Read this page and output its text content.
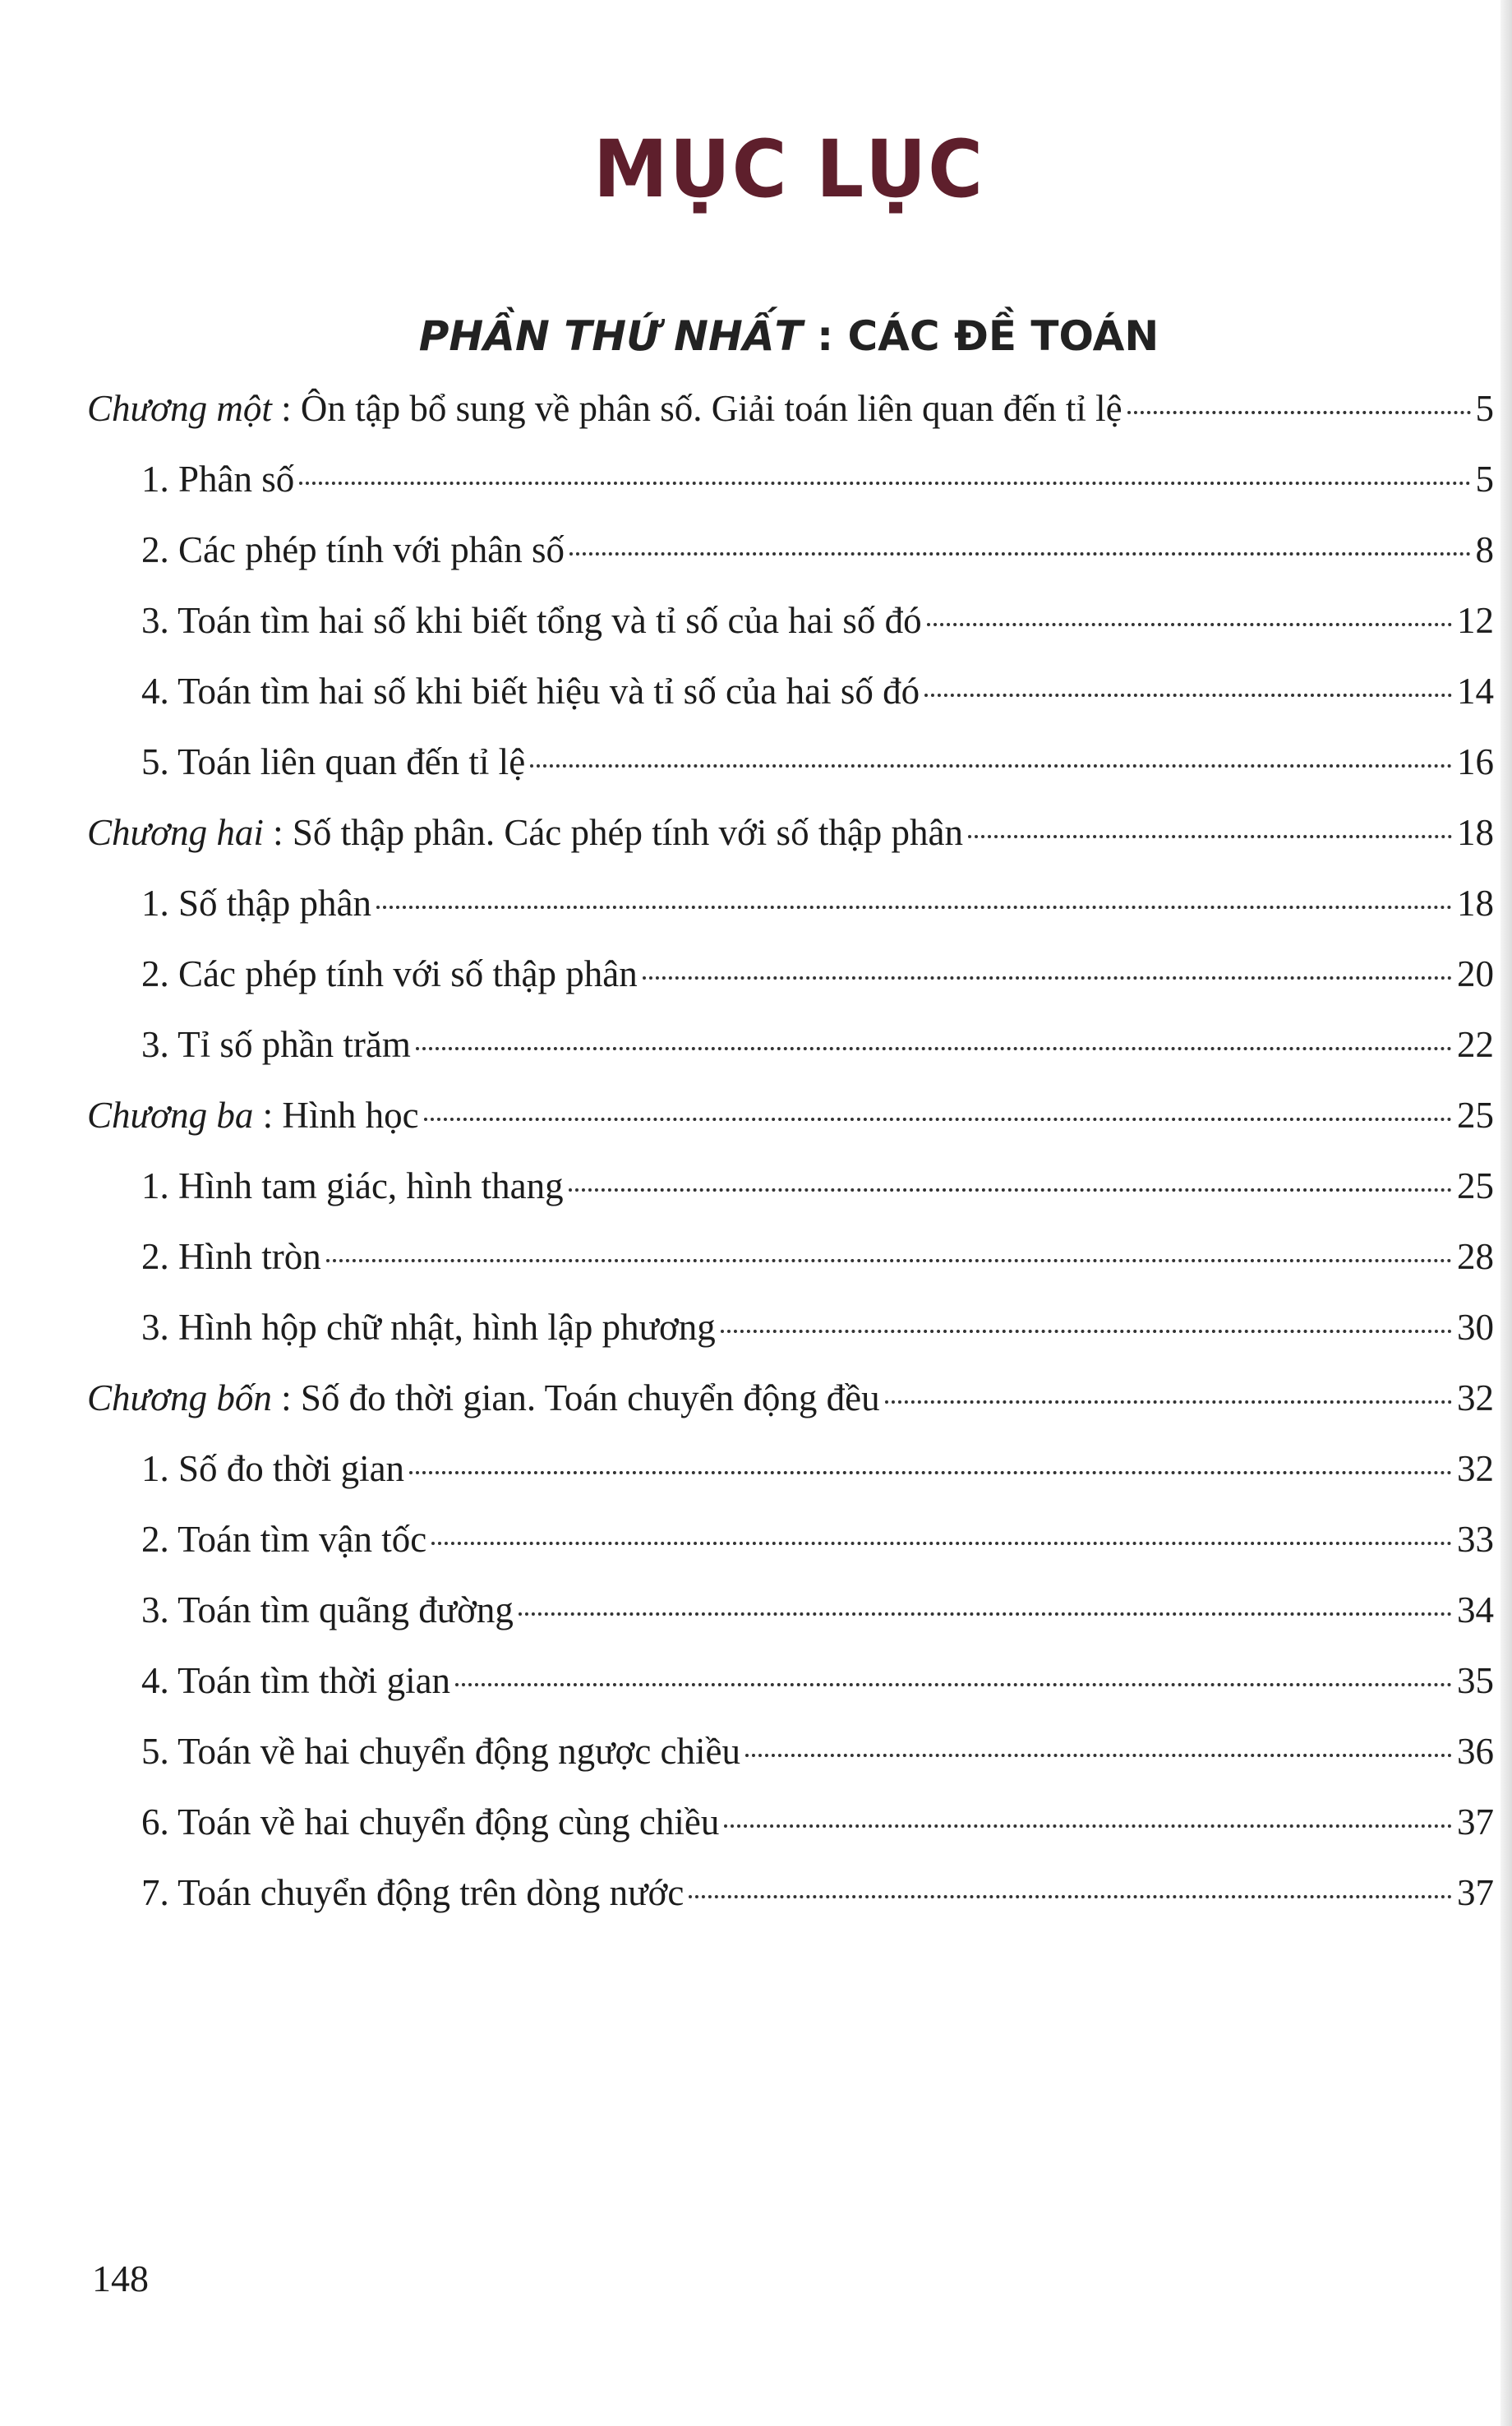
MỤC LỤC
PHẦN THỨ NHẤT : CÁC ĐỀ TOÁN
Chương một : Ôn tập bổ sung về phân số. Giải toán liên quan đến tỉ lệ	5
1. Phân số	5
2. Các phép tính với phân số	8
3. Toán tìm hai số khi biết tổng và tỉ số của hai số đó	12
4. Toán tìm hai số khi biết hiệu và tỉ số của hai số đó	14
5. Toán liên quan đến tỉ lệ	16
Chương hai : Số thập phân. Các phép tính với số thập phân	18
1. Số thập phân	18
2. Các phép tính với số thập phân	20
3. Tỉ số phần trăm	22
Chương ba : Hình học	25
1. Hình tam giác, hình thang	25
2. Hình tròn	28
3. Hình hộp chữ nhật, hình lập phương	30
Chương bốn : Số đo thời gian. Toán chuyển động đều	32
1. Số đo thời gian	32
2. Toán tìm vận tốc	33
3. Toán tìm quãng đường	34
4. Toán tìm thời gian	35
5. Toán về hai chuyển động ngược chiều	36
6. Toán về hai chuyển động cùng chiều	37
7. Toán chuyển động trên dòng nước	37
148
